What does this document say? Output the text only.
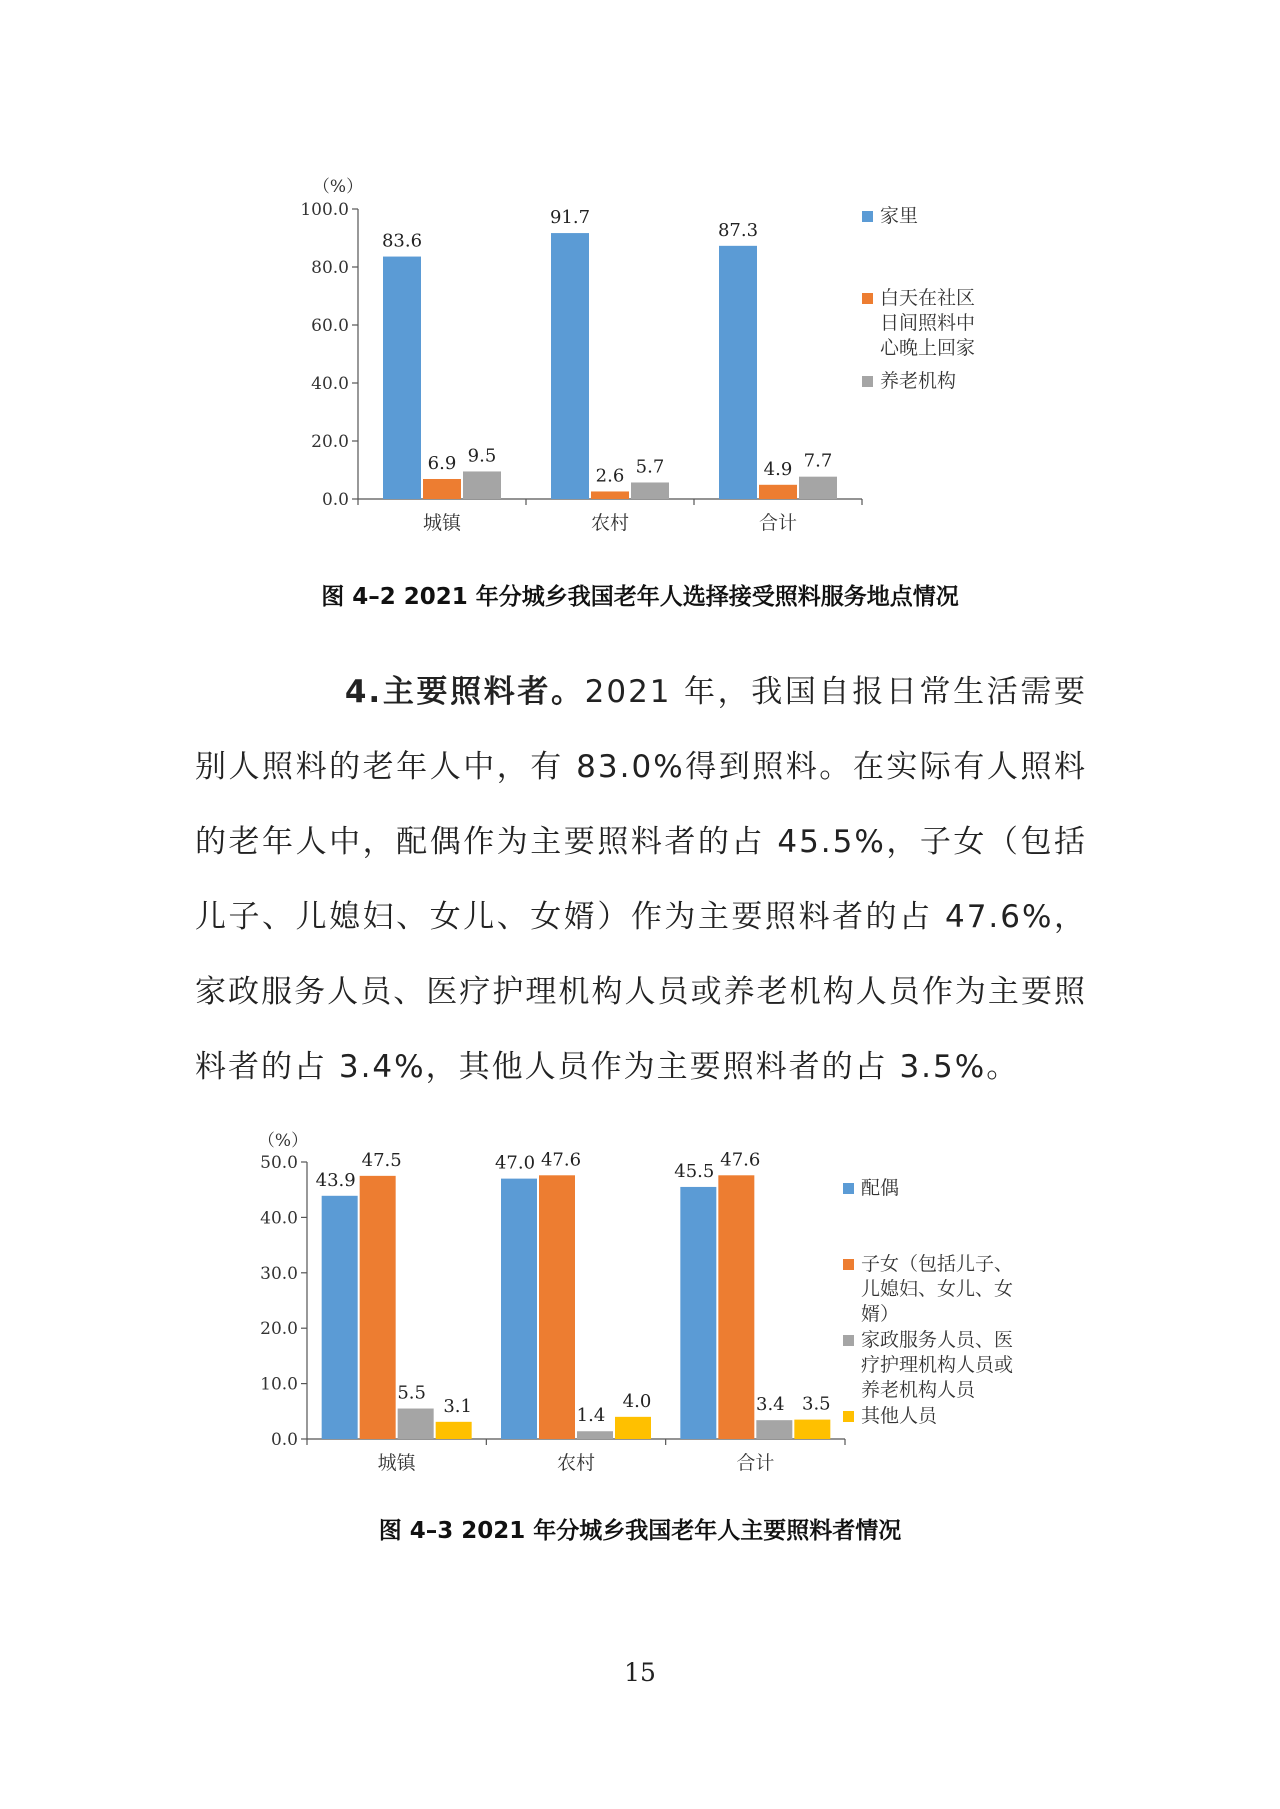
（%）
0.0
20.0
40.0
60.0
80.0
100.0
83.6
6.9 9.5
城镇
91.7
2.6 5.7
农村
87.3
4.9 7.7
合计
家里
白天在社区
日间照料中
心晚上回家
养老机构
图 4–2 2021 年分城乡我国老年人选择接受照料服务地点情况
4.主要照料者。2021 年，我国自报日常生活需要别人照料的老年人中，有 83.0%得到照料。在实际有人照料的老年人中，配偶作为主要照料者的占 45.5%，子女（包括儿子、儿媳妇、女儿、女婿）作为主要照料者的占 47.6%，家政服务人员、医疗护理机构人员或养老机构人员作为主要照料者的占 3.4%，其他人员作为主要照料者的占 3.5%。
（%）
0.0
10.0
20.0
30.0
40.0
50.0
43.9
47.5
5.5
3.1
城镇
47.0 47.6
1.4
4.0
农村
45.5
47.6
3.4 3.5
合计
配偶
子女（包括儿子、
儿媳妇、女儿、女
婿）
家政服务人员、医
疗护理机构人员或
养老机构人员
其他人员
图 4–3 2021 年分城乡我国老年人主要照料者情况
15
